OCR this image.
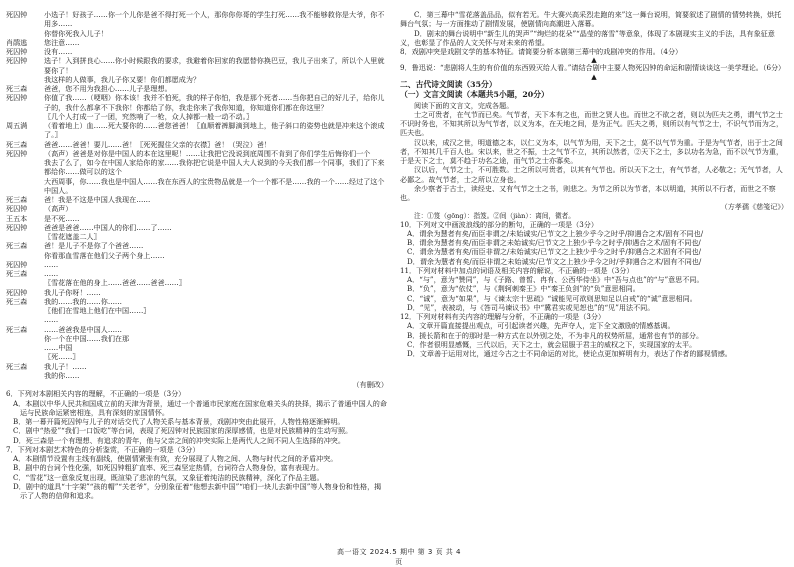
死囚钟	小选子！好孩子……你一个儿你是爸不得打死一个人，那你你你哥的学生打死……我不能够救你是大爷，你不用多……
你替你死我入儿子！
肖鹃逃	您注意……
死囚钟	没有……
死囚钟	选子！入到拼良心……你小时候跟我的要求，我避着你回家的我愿替你换巴豆，我儿子出来了，所以个人里就要你了！
我这样的人做事，我儿子你又要！你们都愿成为？
死三森	爸爸，您不用为我担心……儿子是理想。
死囚钟	你值了我……（哽咽）你本该！我并不怕死，我的样子你怕，我是那个死者……当你把自己的好儿子，给你儿子的，我什么都拿不下我你！你都给了你，我走你来了我你知道，你知道你们都在你这里？
〖几个人打成一了一团，究然响了一枪，众人掉都一般一动不动。〗
周五满	（看着地上）血……死大要你的……爸您爸爸！〖血顺着裤脚滴到地上，他子斜口的姿势也就是冲来这个滚成了。〗
死三森	爸爸……爸爸！要儿……爸！〖死死握住父亲的衣襟〗爸！（哭泣）爸！
死囚钟	（高声）爸爸是对你是中国人的本在这里呢！……让我把它没说到底周围不肯到了你们学生后悔你们一个
我去了么了，如今在中国人家给你的家……我你把它说是中国人大人说到的今天我们都一个同事，我们了下来都给你……做可以的这个
大西周事，你……我也是中国人……我在东西人的宝贵物品就是一个一个都不是……我的一个……经过了这个中国人。
死三森	爸！我是不这是中国人我现在……
死囚钟	（高声）
王五本	是不死……
死囚钟	爸爸是爸爸……中国人的你们……了……
〖雪花遮盖二人〗
死三森	爸！是儿子不是你了个爸爸……
你看那血雪落在他们父子两个身上……
死囚钟	……
死三森	……
〖雪花落在他的身上……爸爸……爸爸……〗
死囚钟	我儿子你呀！……
死三森	我的……我的……你……
〖他们在雪地上他们在中国……〗
……
死三森	……爸爸我是中国人……
你一个在中国……我们在那
……中国
〖死……〗
死三森	我儿子！……
我的你……
（有删改）
6．下列对本剧相关内容的理解，不正确的一项是（3分）
A．本剧以中华人民共和国成立前的天津为背景，通过一个普通市民家庭在国家危难关头的抉择，揭示了普通中国人的命运与民族命运紧密相连，具有深刻的家国情怀。
B．第一幕开篇死囚钟与儿子的对话交代了人物关系与基本背景，戏剧冲突由此展开，人物性格逐渐鲜明。
C．剧中“热爱”“我们一口饭吃”等台词，表现了死囚钟对民族国家的深厚感情，也是对民族精神的生动写照。
D．死三森是一个有理想、有追求的青年，他与父亲之间的冲突实际上是两代人之间不同人生选择的冲突。
7．下列对本剧艺术特色的分析鉴赏，不正确的一项是（3分）
A．本剧情节设置有主线有副线，使剧情紧张有致，充分展现了人物之间、人物与时代之间的矛盾冲突。
B．剧中的台词个性化强，如死囚钟粗犷直率、死三森坚定热情，台词符合人物身份，富有表现力。
C．“雪花”这一意象反复出现，既渲染了悲凉的气氛，又象征着纯洁的民族精神，深化了作品主题。
D．剧中的道具“十字架”“孩的帽”“关老爷”，分别象征着“他想去新中国”“咱们一块儿去新中国”等人物身份和性格，揭示了人物的信仰和追求。
C．第三幕中“雪花落盖品品，似有若无。牛大赛兴高采烈走跑的来”这一舞台说明，简要叙述了剧情的情势转换，烘托舞台气氛；与一方面推动了剧情发展，使剧情向高潮进入落幕。
D．剧末的舞台说明中“新生儿的哭声”“绚烂的花朵”“晶莹的落雪”等意象，体现了本剧现实主义的手法，具有象征意义，也彰显了作品的人文关怀与对未来的希望。
8．戏剧冲突是戏剧文学的基本特征。请简要分析本剧第三幕中的戏剧冲突的作用。（4分）
▲
9．鲁迅说：“悲剧将人生的有价值的东西毁灭给人看。”请结合剧中主要人物死囚钟的命运和剧情谈谈这一美学理论。（6分）
▲
二、古代诗文阅读（35分）
（一）文言文阅读（本题共5小题，20分）
阅读下面的文言文，完成各题。
士之可贵者，在气节而已矣。气节者，天下本有之也，而世之贤人也。而世之不欲之者，则以为匹夫之勇，谓气节之士不识时务也，不知其所以为气节者，以义为本，在天地之间，是为正气。匹夫之勇，则所以有气节之士，不识气节而为之，匹夫也。
汉以来，成汉之世，明道德之本，以仁义为本，以气节为用，天下之士，莫不以气节为重。于是为气节者，出于士之间者，不知其几千百人也。宋以来，世之不振，士之气节不立，其所以然者，②天下之士，多以功名为急，而不以气节为重，于是天下之士，莫不趋于功名之途，而气节之士亦寡矣。
汉以后，气节之士，不可胜数。士之所以可贵者，以其有气节也。所以天下之士，有气节者，人必敬之；无气节者，人必鄙之。故气节者，士之所以立身也。
余少察者于古士，读经史、又有气节之士之书，则悲之。为节之所以为节者，本以明道，其所以不行者，而世之不察也。
（方孝孺《慈笺记》）
注：①笈（gōng）：指笈。②间（jiàn）：离间，微者。
10．下列对文中画波浪线的部分的断句，正确的一项是（3分）
A．谓余为慧者有矣/而臣非谓之/未始诚实/已节文之上独少乎今之时乎/抑遇合之术/固有不同也/
B．谓余为慧者有矣/而臣非谓之未始诚实/已节文之上独少乎今之时乎/抑遇合之术/固有不同也/
C．谓余为慧者有矣/而臣非谓之/未始诚实/已节文之上独少乎今之时乎/抑遇合之术固有不同也/
D．谓余为慧者有矣/而臣非谓之未始诚实/已节文之上独少乎今之时/乎抑遇合之术/固有不同也/
11．下列对材料中加点的词语及相关内容的解说，不正确的一项是（3分）
A．“与”，意为“赞同”，与《子路、曾皙、冉有、公西华侍坐》中“吾与点也”的“与”意思不同。
B．“负”，意为“依仗”，与《荆轲刺秦王》中“秦王负剑”的“负”意思相同。
C．“诚”，意为“如果”，与《谏太宗十思疏》“诚能见可欲则思知足以自戒”的“诚”意思相同。
D．“见”，表被动，与《答司马谏议书》中“冀君实或见恕也”的“见”用法不同。
12．下列对材料有关内容的理解与分析，不正确的一项是（3分）
A．文章开篇直接提出观点，可引起读者兴趣，先声夺人，定下全文激励的情感基调。
B．援长箭和在于的那时是一种方式在以外别之处，不为非凡的权势所屈，通常也有节的部分。
C．作者很明显感慨，三代以后，天下之士，就会屈服于君主的威权之下，实现国家的太平。
D．文章善于运用对比，通过今古之士不同命运的对比，使论点更加鲜明有力，表达了作者的鄙视情感。
高一语文 2024.5 期中 第 3 页 共 4 页
